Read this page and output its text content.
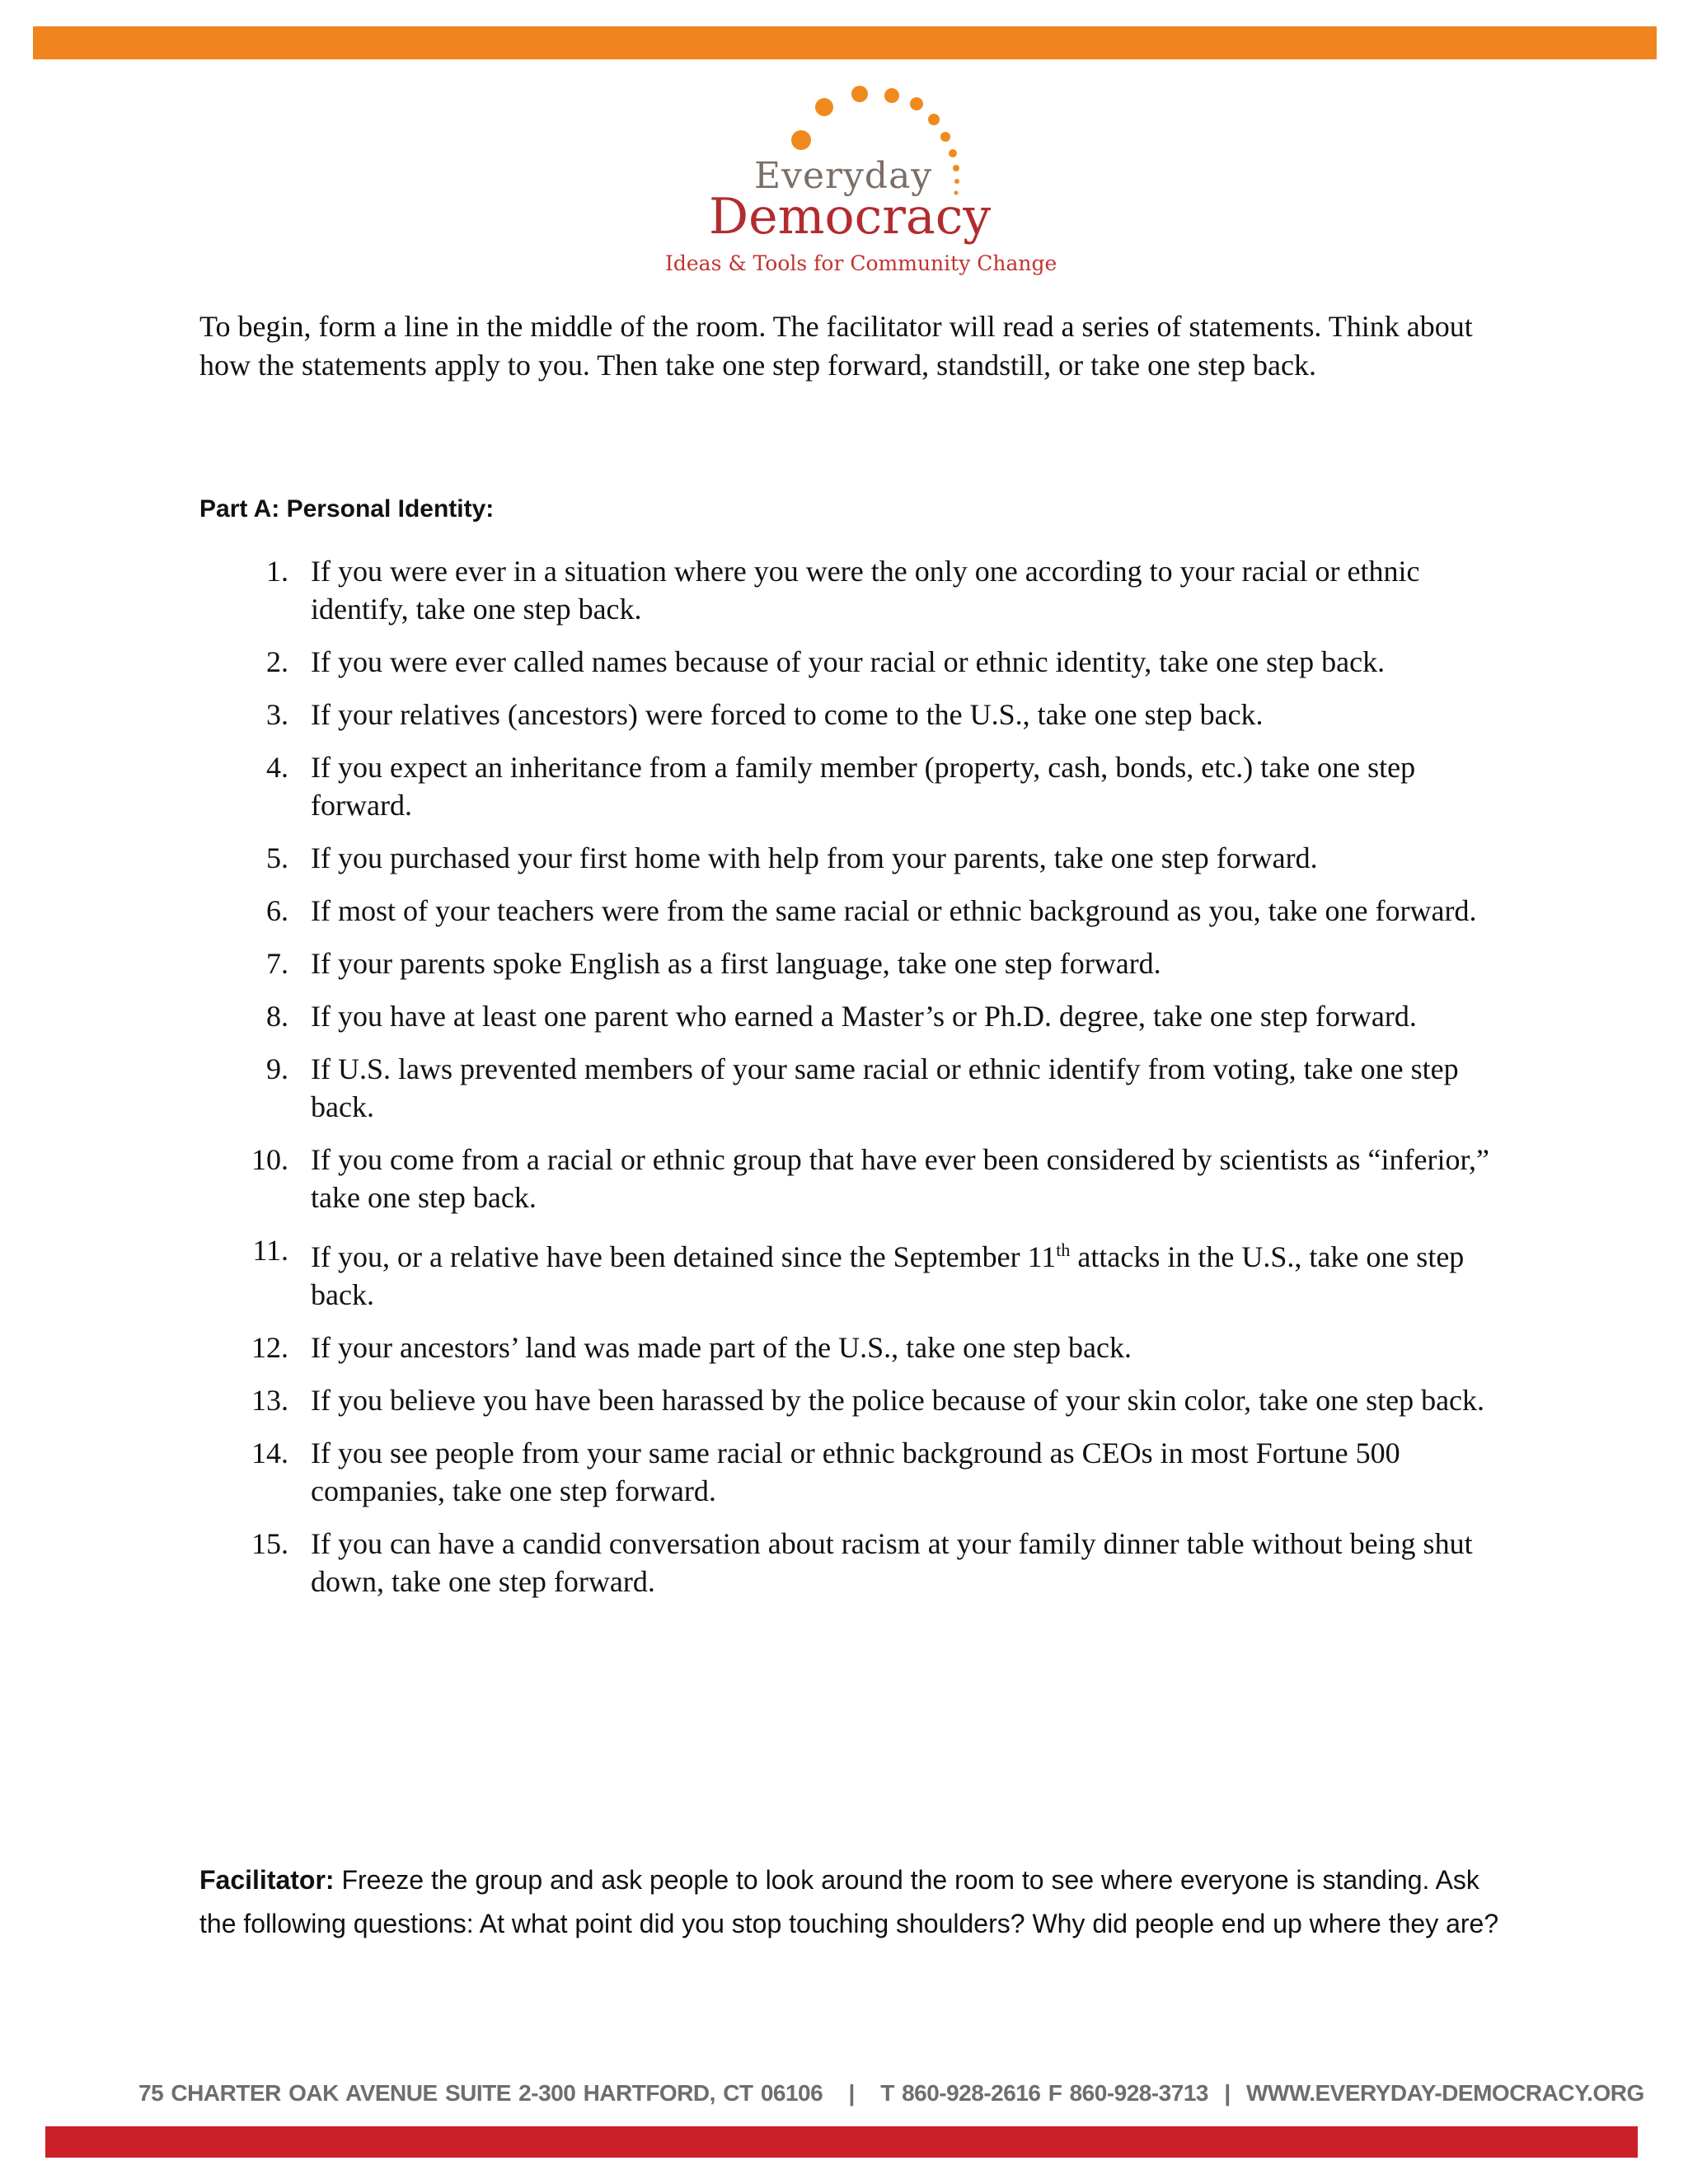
Everyday
Democracy
Ideas & Tools for Community Change

To begin, form a line in the middle of the room. The facilitator will read a series of statements. Think about how the statements apply to you. Then take one step forward, standstill, or take one step back.

Part A: Personal Identity:
1. If you were ever in a situation where you were the only one according to your racial or ethnic identify, take one step back.
2. If you were ever called names because of your racial or ethnic identity, take one step back.
3. If your relatives (ancestors) were forced to come to the U.S., take one step back.
4. If you expect an inheritance from a family member (property, cash, bonds, etc.) take one step forward.
5. If you purchased your first home with help from your parents, take one step forward.
6. If most of your teachers were from the same racial or ethnic background as you, take one forward.
7. If your parents spoke English as a first language, take one step forward.
8. If you have at least one parent who earned a Master’s or Ph.D. degree, take one step forward.
9. If U.S. laws prevented members of your same racial or ethnic identify from voting, take one step back.
10. If you come from a racial or ethnic group that have ever been considered by scientists as “inferior,” take one step back.
11. If you, or a relative have been detained since the September 11th attacks in the U.S., take one step back.
12. If your ancestors’ land was made part of the U.S., take one step back.
13. If you believe you have been harassed by the police because of your skin color, take one step back.
14. If you see people from your same racial or ethnic background as CEOs in most Fortune 500 companies, take one step forward.
15. If you can have a candid conversation about racism at your family dinner table without being shut down, take one step forward.

Facilitator: Freeze the group and ask people to look around the room to see where everyone is standing. Ask the following questions: At what point did you stop touching shoulders? Why did people end up where they are?

75 CHARTER OAK AVENUE SUITE 2-300 HARTFORD, CT 06106 | T 860-928-2616 F 860-928-3713 | WWW.EVERYDAY-DEMOCRACY.ORG
